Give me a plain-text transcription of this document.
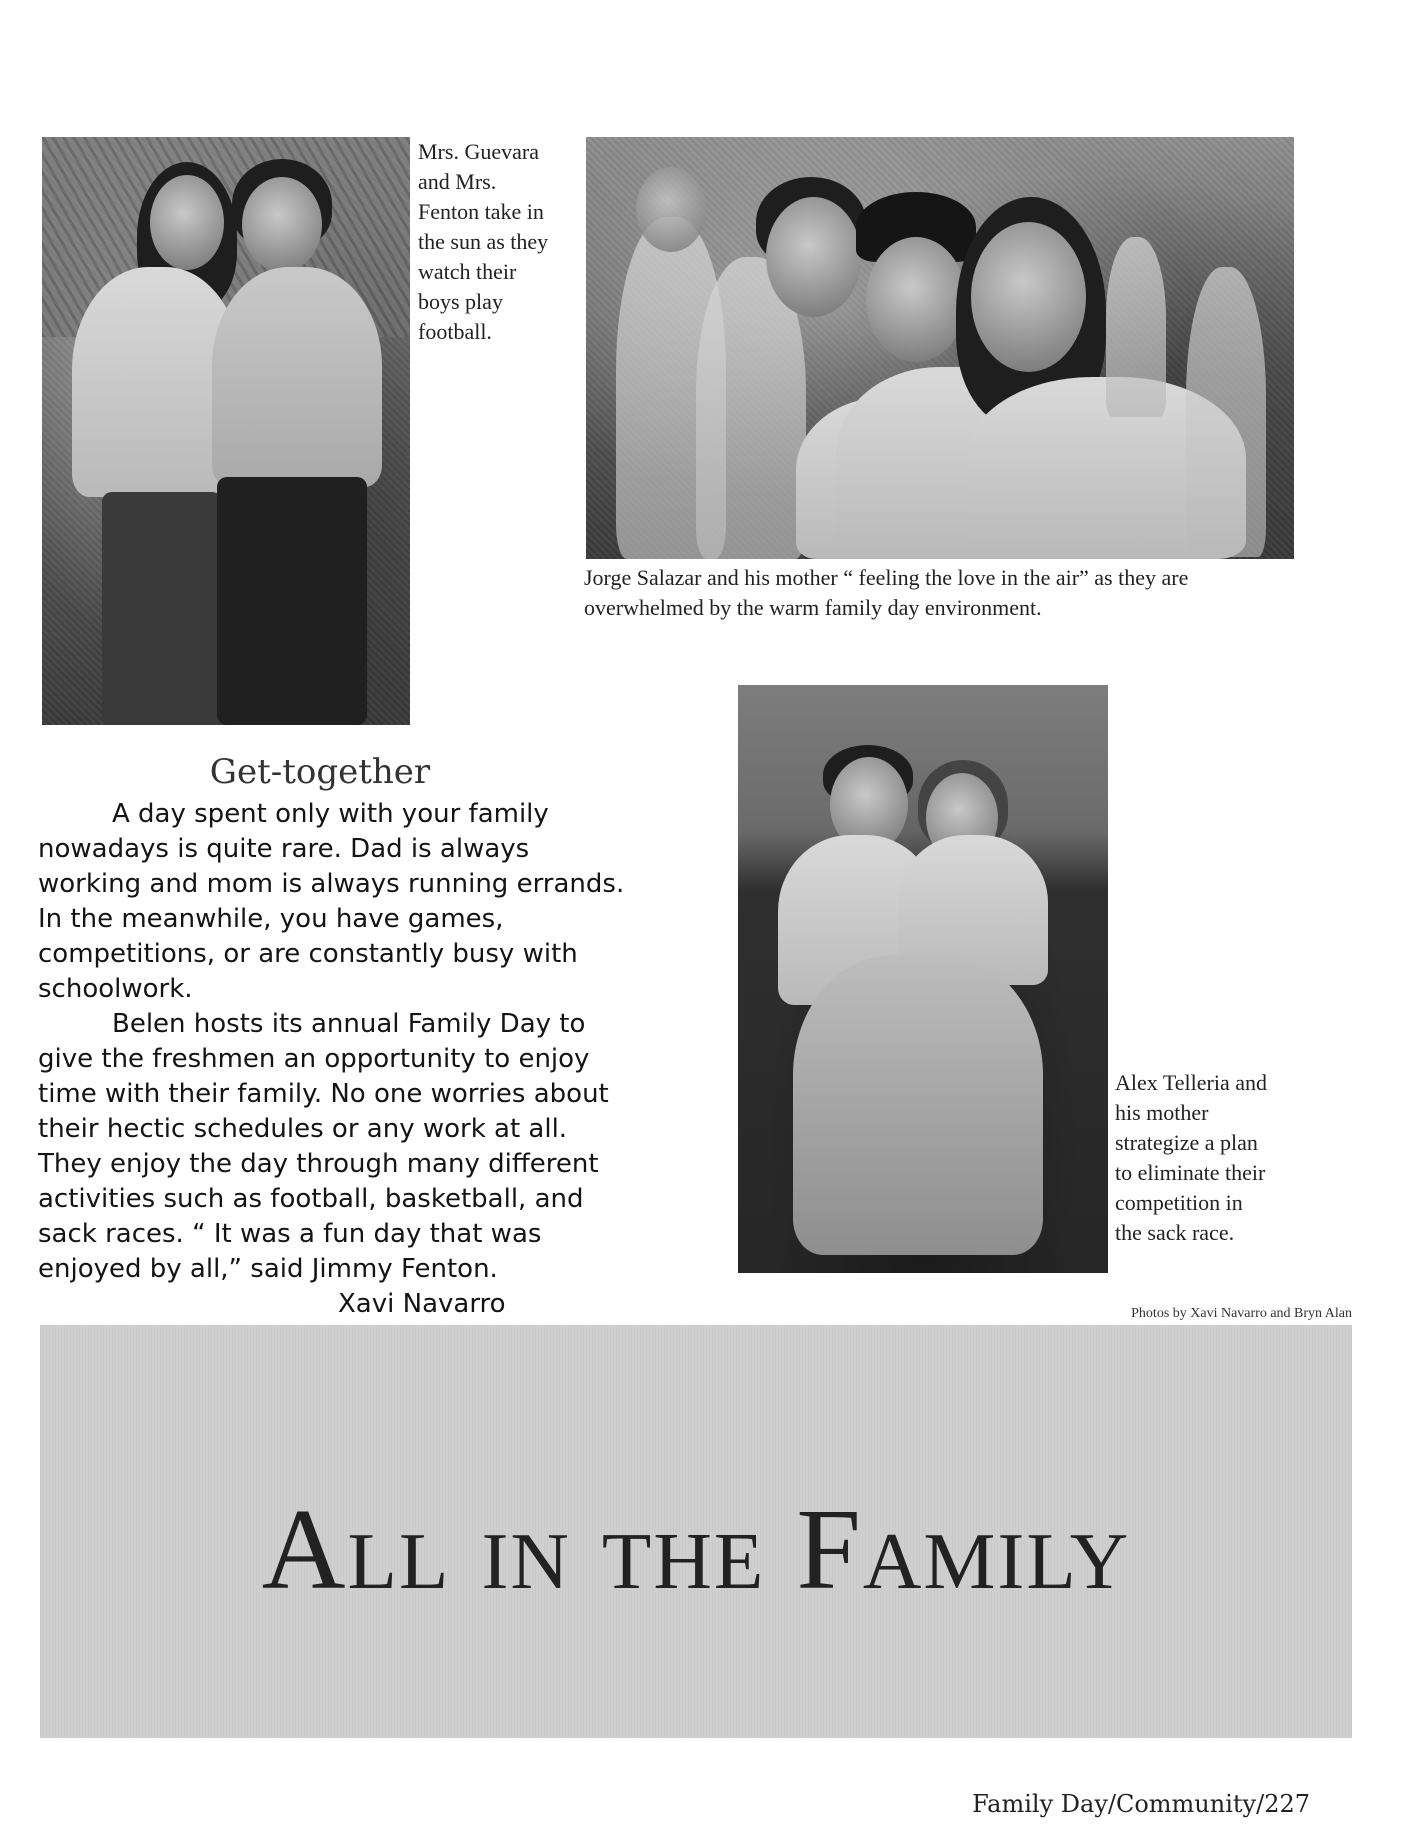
Mrs. Guevara and Mrs. Fenton take in the sun as they watch their boys play football.
Jorge Salazar and his mother “ feeling the love in the air” as they are overwhelmed by the warm family day environment.
Get-together

A day spent only with your family nowadays is quite rare. Dad is always working and mom is always running errands. In the meanwhile, you have games, competitions, or are constantly busy with schoolwork.

Belen hosts its annual Family Day to give the freshmen an opportunity to enjoy time with their family. No one worries about their hectic schedules or any work at all. They enjoy the day through many different activities such as football, basketball, and sack races. “ It was a fun day that was enjoyed by all,” said Jimmy Fenton.

Xavi Navarro
Alex Telleria and his mother strategize a plan to eliminate their competition in the sack race.
Photos by Xavi Navarro and Bryn Alan
All in the Family
Family Day/Community/227
